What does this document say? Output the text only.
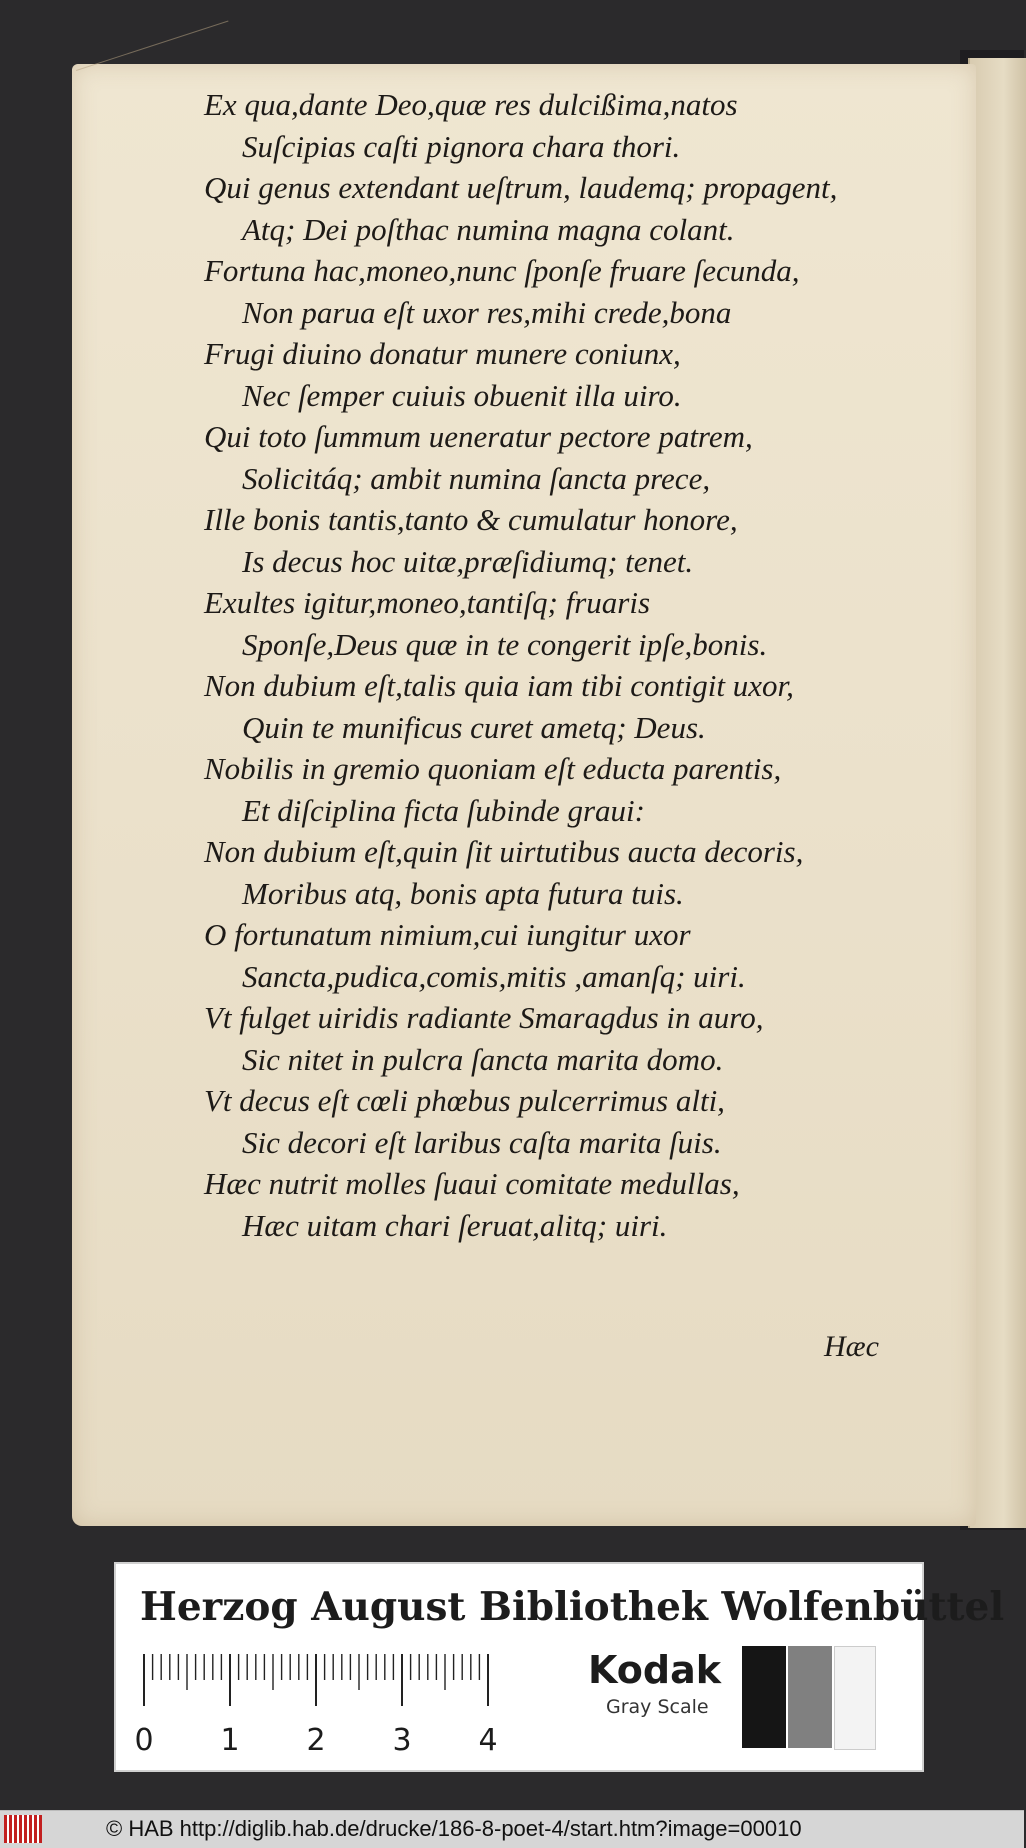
Ex qua,dante Deo,quæ res dulcißima,natos
Suſcipias caſti pignora chara thori.
Qui genus extendant ueſtrum, laudemq; propagent,
Atq; Dei poſthac numina magna colant.
Fortuna hac,moneo,nunc ſponſe fruare ſecunda,
Non parua eſt uxor res,mihi crede,bona
Frugi diuino donatur munere coniunx,
Nec ſemper cuiuis obuenit illa uiro.
Qui toto ſummum ueneratur pectore patrem,
Solicitáq; ambit numina ſancta prece,
Ille bonis tantis,tanto & cumulatur honore,
Is decus hoc uitæ,præſidiumq; tenet.
Exultes igitur,moneo,tantiſq; fruaris
Sponſe,Deus quæ in te congerit ipſe,bonis.
Non dubium eſt,talis quia iam tibi contigit uxor,
Quin te munificus curet ametq; Deus.
Nobilis in gremio quoniam eſt educta parentis,
Et diſciplina ficta ſubinde graui:
Non dubium eſt,quin ſit uirtutibus aucta decoris,
Moribus atq, bonis apta futura tuis.
O fortunatum nimium,cui iungitur uxor
Sancta,pudica,comis,mitis ,amanſq; uiri.
Vt fulget uiridis radiante Smaragdus in auro,
Sic nitet in pulcra ſancta marita domo.
Vt decus eſt cœli phœbus pulcerrimus alti,
Sic decori eſt laribus caſta marita ſuis.
Hæc nutrit molles ſuaui comitate medullas,
Hæc uitam chari ſeruat,alitq; uiri.
Hæc
Herzog August Bibliothek Wolfenbüttel
0 1 2 3 4
Kodak
Gray Scale
© HAB http://diglib.hab.de/drucke/186-8-poet-4/start.htm?image=00010
